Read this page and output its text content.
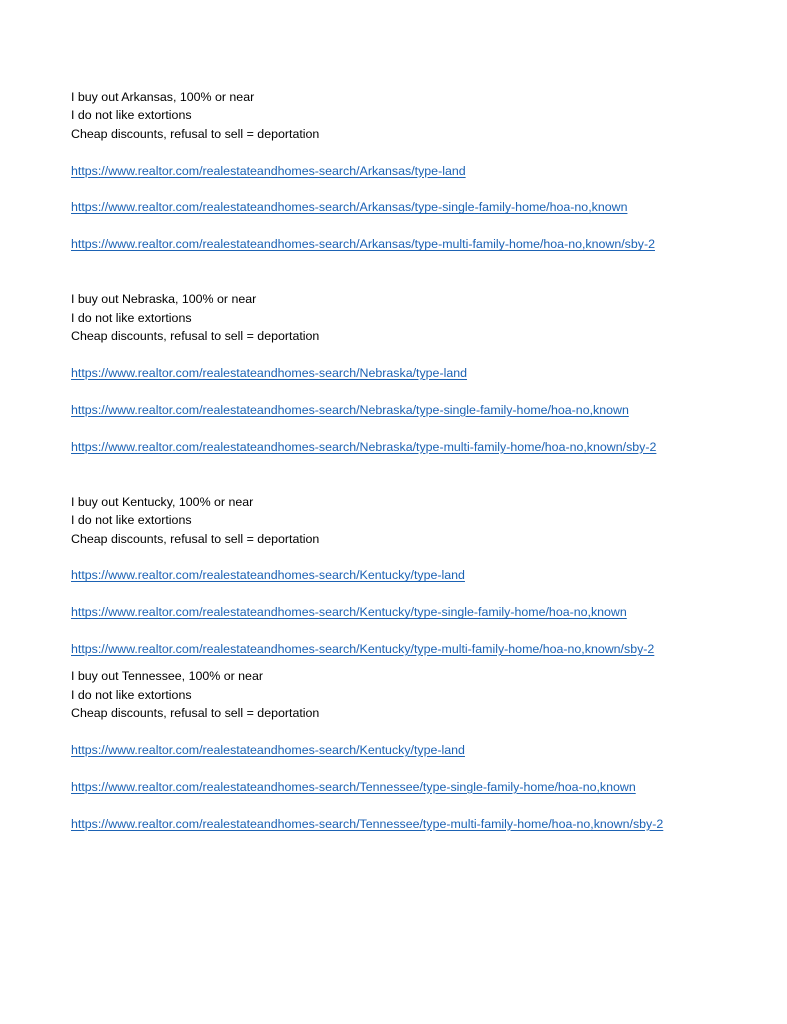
I buy out Arkansas, 100% or near

I do not like extortions

Cheap discounts, refusal to sell = deportation

https://www.realtor.com/realestateandhomes-search/Arkansas/type-land

https://www.realtor.com/realestateandhomes-search/Arkansas/type-single-family-home/hoa-no,known

https://www.realtor.com/realestateandhomes-search/Arkansas/type-multi-family-home/hoa-no,known/sby-2

I buy out Nebraska, 100% or near

I do not like extortions

Cheap discounts, refusal to sell = deportation

https://www.realtor.com/realestateandhomes-search/Nebraska/type-land

https://www.realtor.com/realestateandhomes-search/Nebraska/type-single-family-home/hoa-no,known

https://www.realtor.com/realestateandhomes-search/Nebraska/type-multi-family-home/hoa-no,known/sby-2

I buy out Kentucky, 100% or near

I do not like extortions

Cheap discounts, refusal to sell = deportation

https://www.realtor.com/realestateandhomes-search/Kentucky/type-land

https://www.realtor.com/realestateandhomes-search/Kentucky/type-single-family-home/hoa-no,known

https://www.realtor.com/realestateandhomes-search/Kentucky/type-multi-family-home/hoa-no,known/sby-2

I buy out Tennessee, 100% or near

I do not like extortions

Cheap discounts, refusal to sell = deportation

https://www.realtor.com/realestateandhomes-search/Kentucky/type-land

https://www.realtor.com/realestateandhomes-search/Tennessee/type-single-family-home/hoa-no,known

https://www.realtor.com/realestateandhomes-search/Tennessee/type-multi-family-home/hoa-no,known/sby-2
